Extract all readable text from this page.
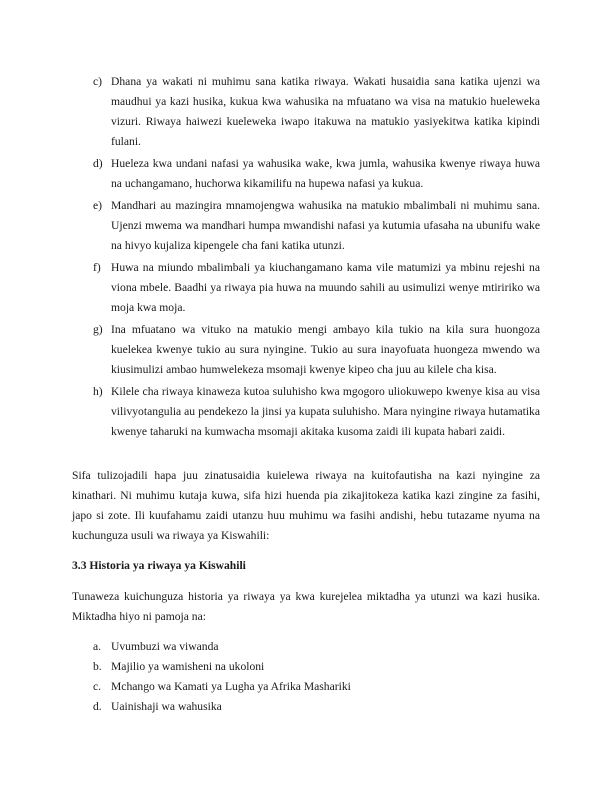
c) Dhana ya wakati ni muhimu sana katika riwaya. Wakati husaidia sana katika ujenzi wa maudhui ya kazi husika, kukua kwa wahusika na mfuatano wa visa na matukio hueleweka vizuri. Riwaya haiwezi kueleweka iwapo itakuwa na matukio yasiyekitwa katika kipindi fulani.
d) Hueleza kwa undani nafasi ya wahusika wake, kwa jumla, wahusika kwenye riwaya huwa na uchangamano, huchorwa kikamilifu na hupewa nafasi ya kukua.
e) Mandhari au mazingira mnamojengwa wahusika na matukio mbalimbali ni muhimu sana. Ujenzi mwema wa mandhari humpa mwandishi nafasi ya kutumia ufasaha na ubunifu wake na hivyo kujaliza kipengele cha fani katika utunzi.
f) Huwa na miundo mbalimbali ya kiuchangamano kama vile matumizi ya mbinu rejeshi na viona mbele. Baadhi ya riwaya pia huwa na muundo sahili au usimulizi wenye mtiririko wa moja kwa moja.
g) Ina mfuatano wa vituko na matukio mengi ambayo kila tukio na kila sura huongoza kuelekea kwenye tukio au sura nyingine. Tukio au sura inayofuata huongeza mwendo wa kiusimulizi ambao humwelekeza msomaji kwenye kipeo cha juu au kilele cha kisa.
h) Kilele cha riwaya kinaweza kutoa suluhisho kwa mgogoro uliokuwepo kwenye kisa au visa vilivyotangulia au pendekezo la jinsi ya kupata suluhisho. Mara nyingine riwaya hutamatika kwenye taharuki na kumwacha msomaji akitaka kusoma zaidi ili kupata habari zaidi.
Sifa tulizojadili hapa juu zinatusaidia kuielewa riwaya na kuitofautisha na kazi nyingine za kinathari. Ni muhimu kutaja kuwa, sifa hizi huenda pia zikajitokeza katika kazi zingine za fasihi, japo si zote. Ili kuufahamu zaidi utanzu huu muhimu wa fasihi andishi, hebu tutazame nyuma na kuchunguza usuli wa riwaya ya Kiswahili:
3.3 Historia ya riwaya ya Kiswahili
Tunaweza kuichunguza historia ya riwaya ya kwa kurejelea miktadha ya utunzi wa kazi husika. Miktadha hiyo ni pamoja na:
a. Uvumbuzi wa viwanda
b. Majilio ya wamisheni na ukoloni
c. Mchango wa Kamati ya Lugha ya Afrika Mashariki
d. Uainishaji wa wahusika
